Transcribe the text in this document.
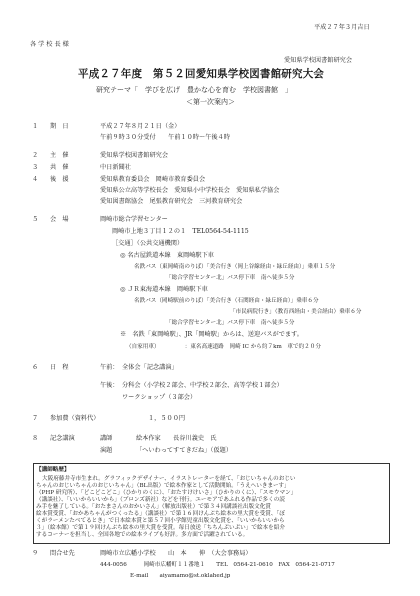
平成２７年３月吉日
各 学 校 長 様
愛知県学校図書館研究会
平成２７年度　第５２回愛知県学校図書館研究大会
研究テーマ「　学びを広げ　豊かな心を育む　学校図書館　」
＜第一次案内＞
１ 期　日	平成２７年８月２１日（金）
午前９時３０分受付　　午前１０時～午後４時
２ 主　催	愛知県学校図書館研究会
３ 共　催	中日新聞社
４ 後　援	愛知県教育委員会　岡崎市教育委員会
愛知県公立高等学校長会　愛知県小中学校長会　愛知県私学協会
愛知図書館協会　尾張教育研究会　三河教育研究会
５ 会　場	岡崎市総合学習センター
岡崎市上地３丁目１２の１　TEL0564-54-1115
［交通］（公共交通機関）
◎ 名古屋鉄道本線　東岡崎駅下車
名鉄バス（東岡崎南のりば）「美合行き（岡上谷線経由・緑丘経由）」乗車１５分
「総合学習センター北」バス停下車　南へ徒歩５分
◎ ＪＲ東海道本線　岡崎駅下車
名鉄バス（岡崎駅前のりば）「美合行き（石関経由・緑丘経由）」乗車６分
「市民病院行き」（教育西経由・美合経由）乗車６分
「総合学習センター北」バス停下車　南へ徒歩５分
※　名鉄「東岡崎駅」、JR「岡崎駅」からは、送迎バスがでます。
（自家用車）　　　　　：東名高速道路　岡崎 IC から約７km　車で約２０分
６ 日　程	午前： 全体会「記念講演」
午後： 分科会（小学校２部会、中学校２部会、高等学校１部会）
ワークショップ（３部会）
７ 参加費（資料代）	１，５００円
８ 記念講演	講師	絵本作家　　長谷川義史　氏
演題	「へいわってすてきだね」（仮題）
【講師略歴】
大阪府藤井寺市生まれ。グラフィックデザイナー、イラストレーターを経て、「おじいちゃんのおじい
ちゃんのおじいちゃんのおじいちゃん」（BL出版）で絵本作家として活動開始。「うえへいきまーす」
（PHP 研究所）、「どこどこどこ」（ひかりのくに）、「おたすけけいさ」（ひかりのくに）、「スモウマン」
（講談社）、「いいからいいから」（ブロンズ新社）などを刊行。ユーモアであふれる作品で多くの読
み手を魅了している。「おたまさんのおかいさん」（解放出版社）で第３４回講談社出版文化賞
絵本賞受賞、「おかあちゃんがつくったる」（講談社）で第１６回けんぶち絵本の里大賞を受賞、「ぼ
くがラーメンたべてるとき」で日本絵本賞と第５７回小学館児童出版文化賞を、「いいからいいから
３」（絵本館）で第１９回けんぶち絵本の里大賞を受賞。毎日放送「ちちんぷいぷい」で絵本を紹介
するコーナーを担当し、全国各地での絵本ライブも好評。多方面で活躍されている。
９ 問合せ先	岡崎市立広幡小学校　　山　本　　伸　（大会事務局）
444-0056　　　岡崎市広幡町１１番地１　　TEL　0564-21-0610　FAX　0564-21-0717
E-mail　　aiyamamo@st.oklahed.jp
